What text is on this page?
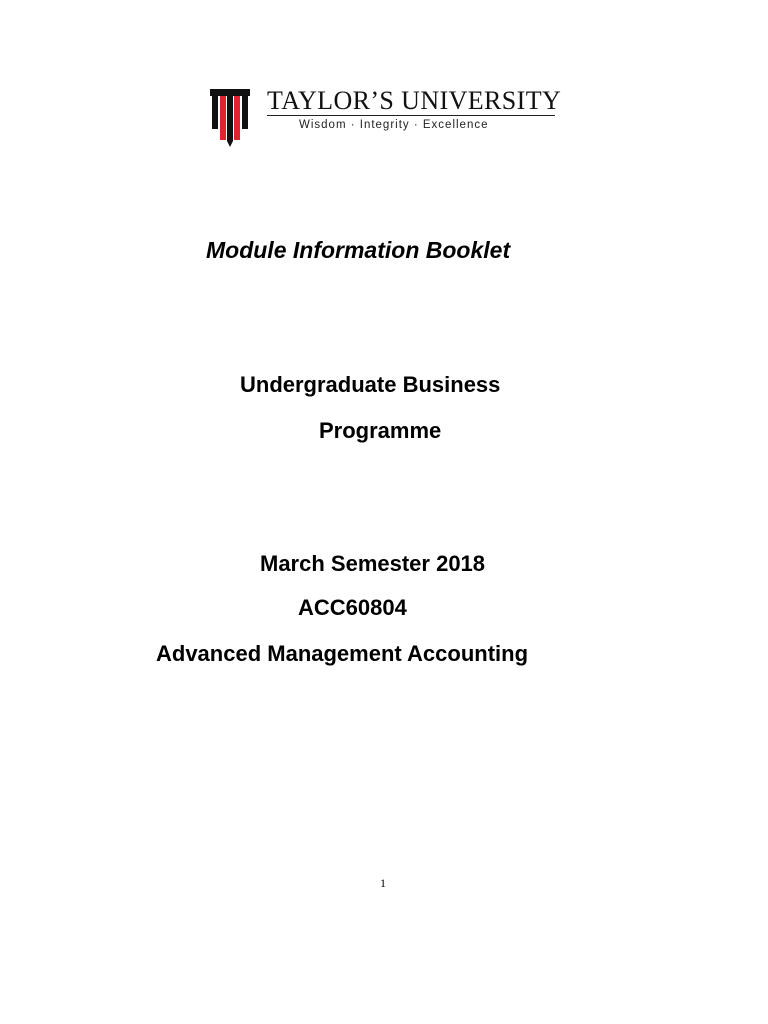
TAYLOR’S UNIVERSITY
Wisdom · Integrity · Excellence
Module Information Booklet
Undergraduate Business
Programme
March Semester 2018
ACC60804
Advanced Management Accounting
1
